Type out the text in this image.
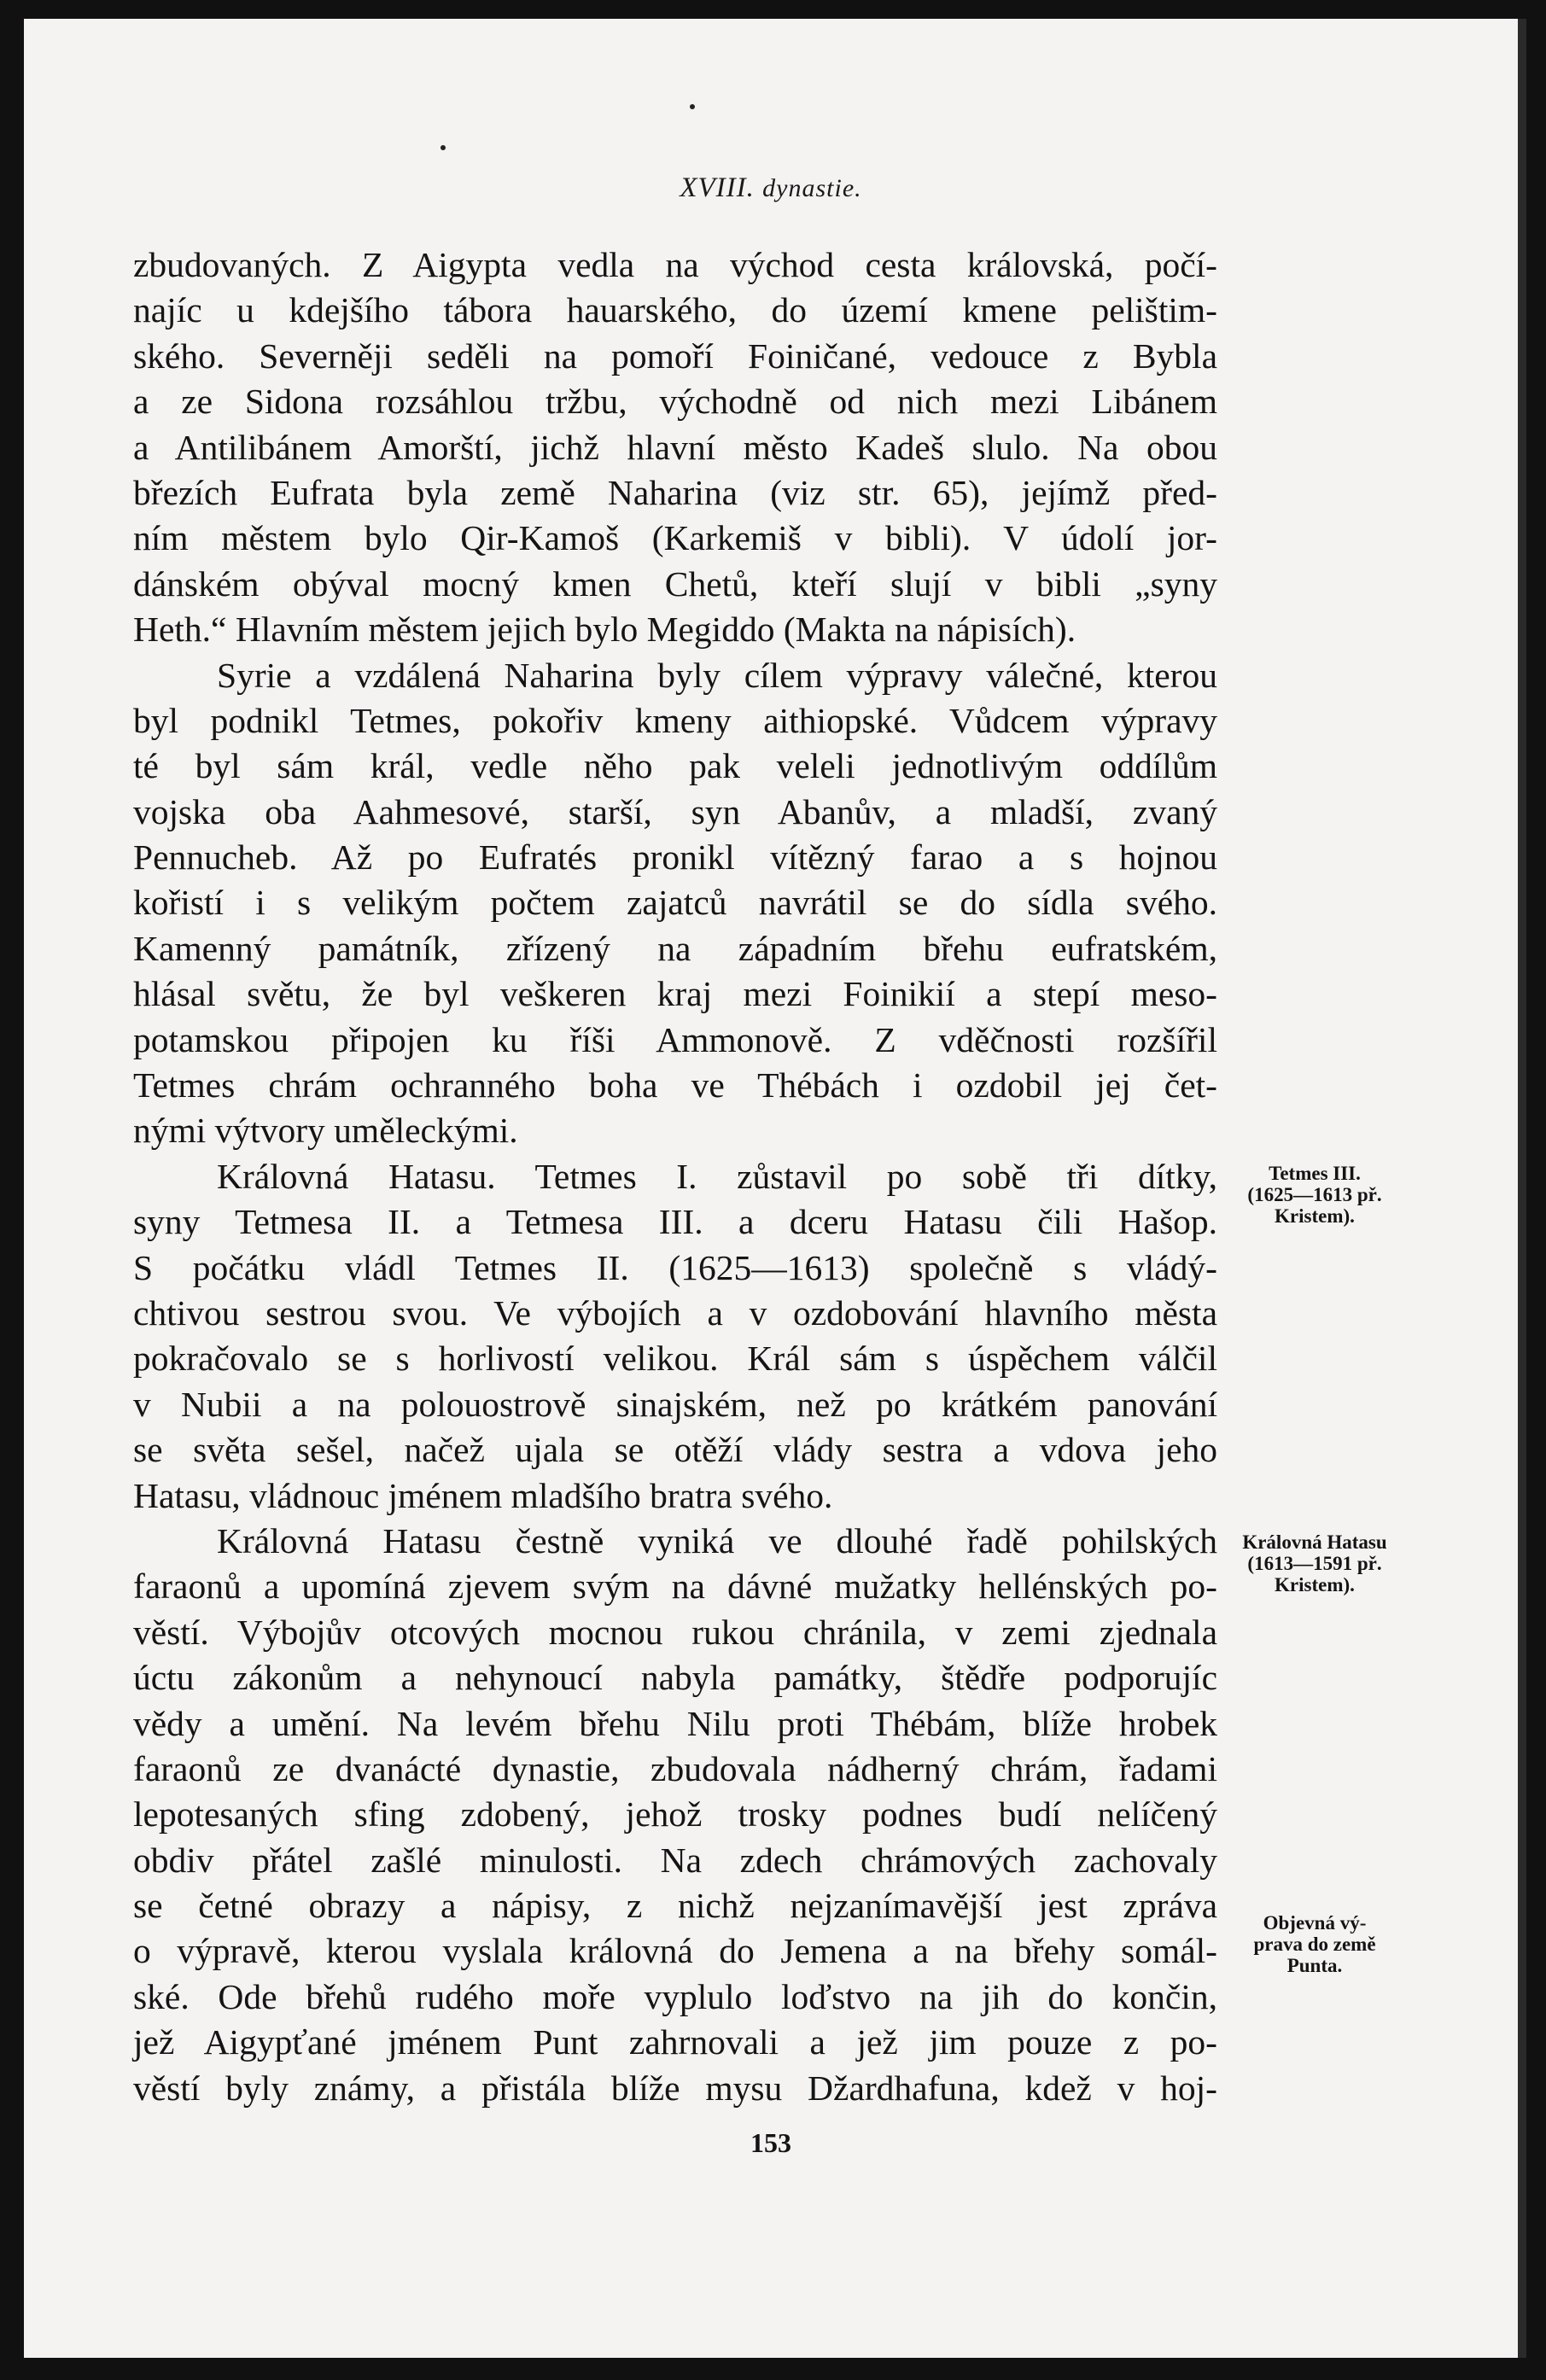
XVIII. dynastie.
zbudovaných. Z Aigypta vedla na východ cesta královská, počí-
najíc u kdejšího tábora hauarského, do území kmene pelištim-
ského. Severněji seděli na pomoří Foiničané, vedouce z Bybla
a ze Sidona rozsáhlou tržbu, východně od nich mezi Libánem
a Antilibánem Amorští, jichž hlavní město Kadeš slulo. Na obou
březích Eufrata byla země Naharina (viz str. 65), jejímž před-
ním městem bylo Qir-Kamoš (Karkemiš v bibli). V údolí jor-
dánském obýval mocný kmen Chetů, kteří slují v bibli „syny
Heth.“ Hlavním městem jejich bylo Megiddo (Makta na nápisích).
Syrie a vzdálená Naharina byly cílem výpravy válečné, kterou
byl podnikl Tetmes, pokořiv kmeny aithiopské. Vůdcem výpravy
té byl sám král, vedle něho pak veleli jednotlivým oddílům
vojska oba Aahmesové, starší, syn Abanův, a mladší, zvaný
Pennucheb. Až po Eufratés pronikl vítězný farao a s hojnou
kořistí i s velikým počtem zajatců navrátil se do sídla svého.
Kamenný památník, zřízený na západním břehu eufratském,
hlásal světu, že byl veškeren kraj mezi Foinikií a stepí meso-
potamskou připojen ku říši Ammonově. Z vděčnosti rozšířil
Tetmes chrám ochranného boha ve Thébách i ozdobil jej čet-
nými výtvory uměleckými.
Královná Hatasu. Tetmes I. zůstavil po sobě tři dítky,
syny Tetmesa II. a Tetmesa III. a dceru Hatasu čili Hašop.
S počátku vládl Tetmes II. (1625—1613) společně s vládý-
chtivou sestrou svou. Ve výbojích a v ozdobování hlavního města
pokračovalo se s horlivostí velikou. Král sám s úspěchem válčil
v Nubii a na polouostrově sinajském, než po krátkém panování
se světa sešel, načež ujala se otěží vlády sestra a vdova jeho
Hatasu, vládnouc jménem mladšího bratra svého.
Královná Hatasu čestně vyniká ve dlouhé řadě pohilských
faraonů a upomíná zjevem svým na dávné mužatky hellénských po-
věstí. Výbojův otcových mocnou rukou chránila, v zemi zjednala
úctu zákonům a nehynoucí nabyla památky, štědře podporujíc
vědy a umění. Na levém břehu Nilu proti Thébám, blíže hrobek
faraonů ze dvanácté dynastie, zbudovala nádherný chrám, řadami
lepotesaných sfing zdobený, jehož trosky podnes budí nelíčený
obdiv přátel zašlé minulosti. Na zdech chrámových zachovaly
se četné obrazy a nápisy, z nichž nejzanímavější jest zpráva
o výpravě, kterou vyslala královná do Jemena a na břehy somál-
ské. Ode břehů rudého moře vyplulo loďstvo na jih do končin,
jež Aigypťané jménem Punt zahrnovali a jež jim pouze z po-
věstí byly známy, a přistála blíže mysu Džardhafuna, kdež v hoj-
Tetmes III.
(1625—1613 př.
Kristem).
Královná Hatasu
(1613—1591 př.
Kristem).
Objevná vý-
prava do země
Punta.
153
